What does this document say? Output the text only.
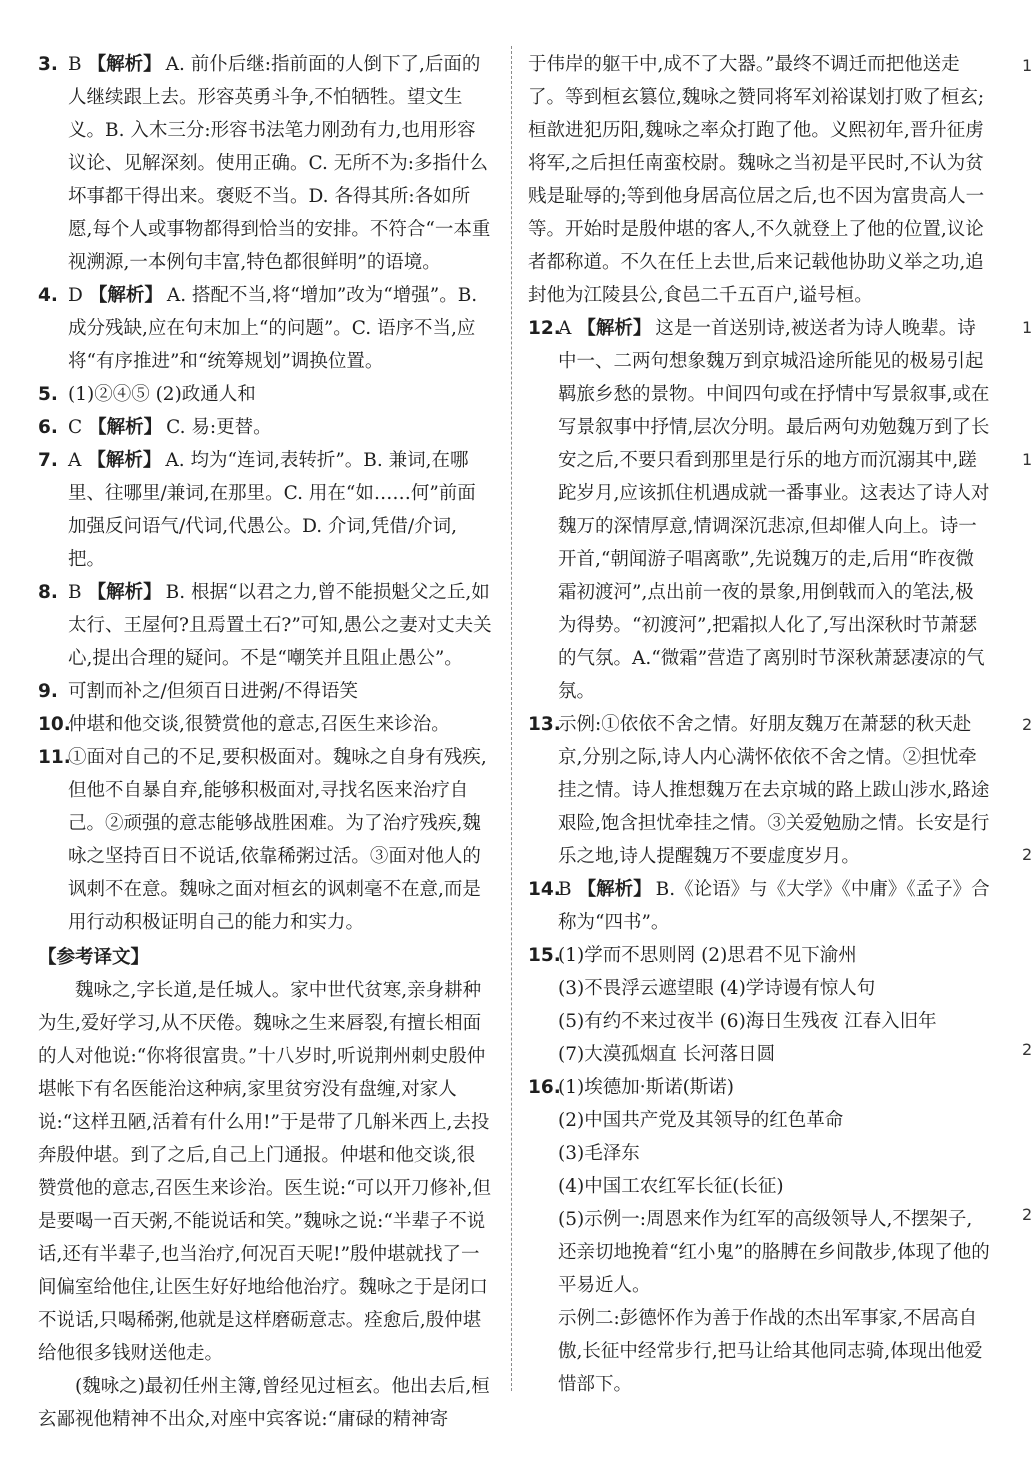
3. B 【解析】 A. 前仆后继:指前面的人倒下了,后面的人继续跟上去。形容英勇斗争,不怕牺牲。望文生义。B. 入木三分:形容书法笔力刚劲有力,也用形容议论、见解深刻。使用正确。C. 无所不为:多指什么坏事都干得出来。褒贬不当。D. 各得其所:各如所愿,每个人或事物都得到恰当的安排。不符合“一本重视溯源,一本例句丰富,特色都很鲜明”的语境。
4. D 【解析】 A. 搭配不当,将“增加”改为“增强”。B. 成分残缺,应在句末加上“的问题”。C. 语序不当,应将“有序推进”和“统筹规划”调换位置。
5. (1)②④⑤ (2)政通人和
6. C 【解析】 C. 易:更替。
7. A 【解析】 A. 均为“连词,表转折”。B. 兼词,在哪里、往哪里/兼词,在那里。C. 用在“如……何”前面加强反问语气/代词,代愚公。D. 介词,凭借/介词,把。
8. B 【解析】 B. 根据“以君之力,曾不能损魁父之丘,如太行、王屋何?且焉置土石?”可知,愚公之妻对丈夫关心,提出合理的疑问。不是“嘲笑并且阻止愚公”。
9. 可割而补之/但须百日进粥/不得语笑
10.
仲堪和他交谈,很赞赏他的意志,召医生来诊治。
11.
①面对自己的不足,要积极面对。魏咏之自身有残疾,但他不自暴自弃,能够积极面对,寻找名医来治疗自己。②顽强的意志能够战胜困难。为了治疗残疾,魏咏之坚持百日不说话,依靠稀粥过活。③面对他人的讽刺不在意。魏咏之面对桓玄的讽刺毫不在意,而是用行动积极证明自己的能力和实力。
【参考译文】
魏咏之,字长道,是任城人。家中世代贫寒,亲身耕种为生,爱好学习,从不厌倦。魏咏之生来唇裂,有擅长相面的人对他说:“你将很富贵。”十八岁时,听说荆州刺史殷仲堪帐下有名医能治这种病,家里贫穷没有盘缠,对家人说:“这样丑陋,活着有什么用!”于是带了几斛米西上,去投奔殷仲堪。到了之后,自己上门通报。仲堪和他交谈,很赞赏他的意志,召医生来诊治。医生说:“可以开刀修补,但是要喝一百天粥,不能说话和笑。”魏咏之说:“半辈子不说话,还有半辈子,也当治疗,何况百天呢!”殷仲堪就找了一间偏室给他住,让医生好好地给他治疗。魏咏之于是闭口不说话,只喝稀粥,他就是这样磨砺意志。痊愈后,殷仲堪给他很多钱财送他走。
(魏咏之)最初任州主簿,曾经见过桓玄。他出去后,桓玄鄙视他精神不出众,对座中宾客说:“庸碌的精神寄
于伟岸的躯干中,成不了大器。”最终不调迁而把他送走了。等到桓玄篡位,魏咏之赞同将军刘裕谋划打败了桓玄;桓歆进犯历阳,魏咏之率众打跑了他。义熙初年,晋升征虏将军,之后担任南蛮校尉。魏咏之当初是平民时,不认为贫贱是耻辱的;等到他身居高位居之后,也不因为富贵高人一等。开始时是殷仲堪的客人,不久就登上了他的位置,议论者都称道。不久在任上去世,后来记载他协助义举之功,追封他为江陵县公,食邑二千五百户,谥号桓。
12.
A 【解析】 这是一首送别诗,被送者为诗人晚辈。诗中一、二两句想象魏万到京城沿途所能见的极易引起羁旅乡愁的景物。中间四句或在抒情中写景叙事,或在写景叙事中抒情,层次分明。最后两句劝勉魏万到了长安之后,不要只看到那里是行乐的地方而沉溺其中,蹉跎岁月,应该抓住机遇成就一番事业。这表达了诗人对魏万的深情厚意,情调深沉悲凉,但却催人向上。诗一开首,“朝闻游子唱离歌”,先说魏万的走,后用“昨夜微霜初渡河”,点出前一夜的景象,用倒戟而入的笔法,极为得势。“初渡河”,把霜拟人化了,写出深秋时节萧瑟的气氛。A.“微霜”营造了离别时节深秋萧瑟凄凉的气氛。
13.
示例:①依依不舍之情。好朋友魏万在萧瑟的秋天赴京,分别之际,诗人内心满怀依依不舍之情。②担忧牵挂之情。诗人推想魏万在去京城的路上跋山涉水,路途艰险,饱含担忧牵挂之情。③关爱勉励之情。长安是行乐之地,诗人提醒魏万不要虚度岁月。
14.
B 【解析】 B.《论语》与《大学》《中庸》《孟子》合称为“四书”。
15.
(1)学而不思则罔 (2)思君不见下渝州
(3)不畏浮云遮望眼 (4)学诗谩有惊人句
(5)有约不来过夜半 (6)海日生残夜 江春入旧年
(7)大漠孤烟直 长河落日圆
16.
(1)埃德加·斯诺(斯诺)
(2)中国共产党及其领导的红色革命
(3)毛泽东
(4)中国工农红军长征(长征)
(5)示例一:周恩来作为红军的高级领导人,不摆架子,还亲切地挽着“红小鬼”的胳膊在乡间散步,体现了他的平易近人。
示例二:彭德怀作为善于作战的杰出军事家,不居高自傲,长征中经常步行,把马让给其他同志骑,体现出他爱惜部下。
1
1
1
2
2
2
2
